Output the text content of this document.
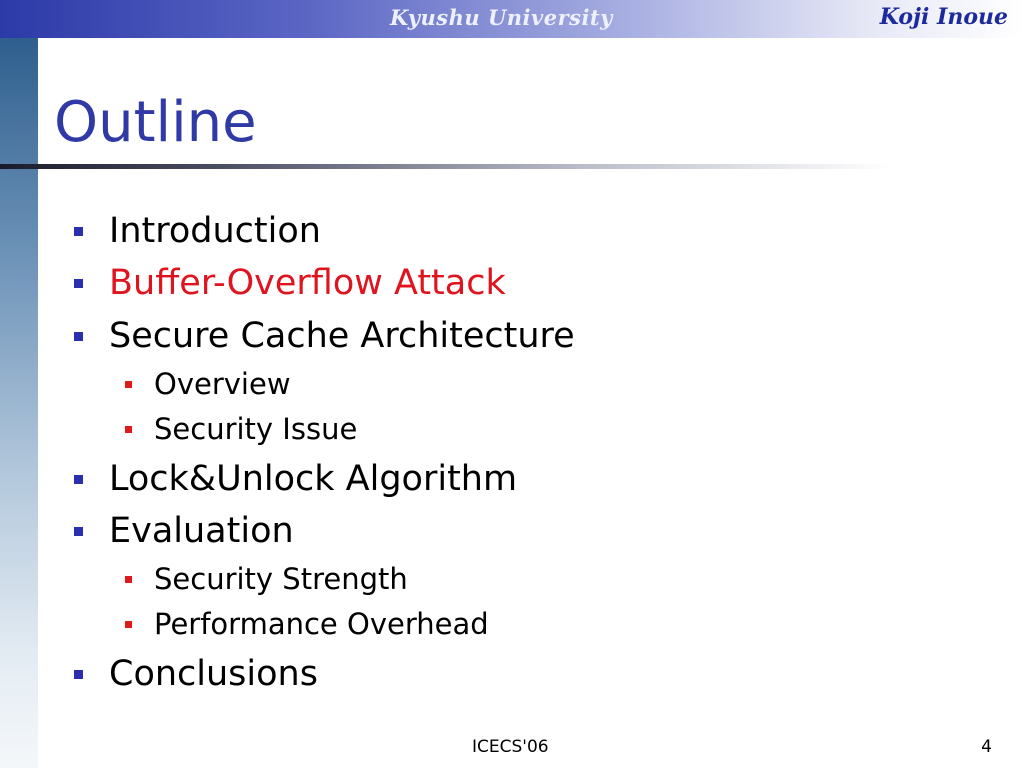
Kyushu University	Koji Inoue
Outline
Introduction
Buffer-Overflow Attack
Secure Cache Architecture
Overview
Security Issue
Lock&Unlock Algorithm
Evaluation
Security Strength
Performance Overhead
Conclusions
ICECS'06	4
